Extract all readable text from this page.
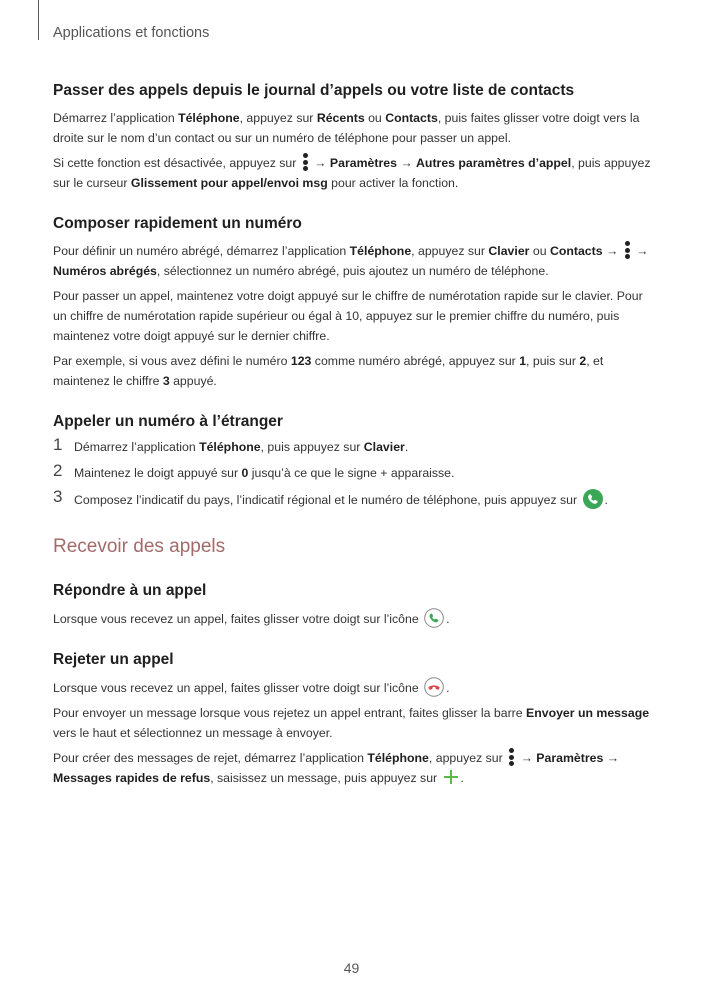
Applications et fonctions
Passer des appels depuis le journal d’appels ou votre liste de contacts

Démarrez l’application Téléphone, appuyez sur Récents ou Contacts, puis faites glisser votre doigt vers la droite sur le nom d’un contact ou sur un numéro de téléphone pour passer un appel.

Si cette fonction est désactivée, appuyez sur
→ Paramètres → Autres paramètres d’appel, puis appuyez sur le curseur Glissement pour appel/envoi msg pour activer la fonction.

Composer rapidement un numéro

Pour définir un numéro abrégé, démarrez l’application Téléphone, appuyez sur Clavier ou Contacts →
→ Numéros abrégés, sélectionnez un numéro abrégé, puis ajoutez un numéro de téléphone.

Pour passer un appel, maintenez votre doigt appuyé sur le chiffre de numérotation rapide sur le clavier. Pour un chiffre de numérotation rapide supérieur ou égal à 10, appuyez sur le premier chiffre du numéro, puis maintenez votre doigt appuyé sur le dernier chiffre.

Par exemple, si vous avez défini le numéro 123 comme numéro abrégé, appuyez sur 1, puis sur 2, et maintenez le chiffre 3 appuyé.

Appeler un numéro à l’étranger
1 Démarrez l’application Téléphone, puis appuyez sur Clavier.
2 Maintenez le doigt appuyé sur 0 jusqu’à ce que le signe + apparaisse.
3 Composez l’indicatif du pays, l’indicatif régional et le numéro de téléphone, puis appuyez sur .
Recevoir des appels
Répondre à un appel

Lorsque vous recevez un appel, faites glisser votre doigt sur l’icône .

Rejeter un appel

Lorsque vous recevez un appel, faites glisser votre doigt sur l’icône .

Pour envoyer un message lorsque vous rejetez un appel entrant, faites glisser la barre Envoyer un message vers le haut et sélectionnez un message à envoyer.

Pour créer des messages de rejet, démarrez l’application Téléphone, appuyez sur
→ Paramètres → Messages rapides de refus, saisissez un message, puis appuyez sur .

49
